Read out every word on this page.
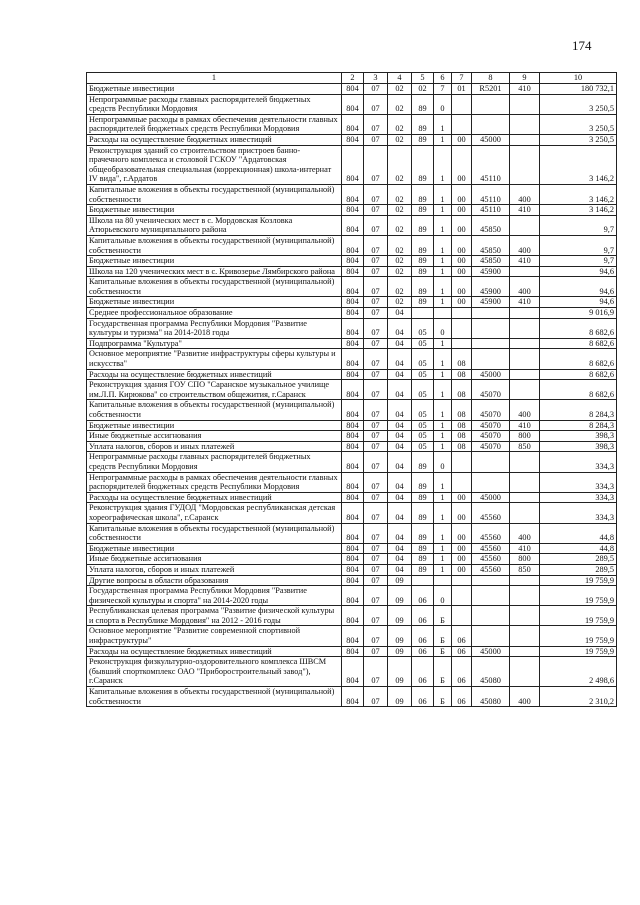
174
1	2	3	4	5	6	7	8	9	10
Бюджетные инвестиции	804	07	02	02	7	01	R5201	410	180 732,1
Непрограммные расходы главных распорядителей бюджетных средств Республики Мордовия	804	07	02	89	0				3 250,5
Непрограммные расходы в рамках обеспечения деятельности главных распорядителей бюджетных средств Республики Мордовия	804	07	02	89	1				3 250,5
Расходы на осуществление бюджетных инвестиций	804	07	02	89	1	00	45000		3 250,5
Реконструкция зданий со строительством пристроев банно-прачечного комплекса и столовой ГСКОУ "Ардатовская общеобразовательная специальная (коррекционная) школа-интернат IV вида", г.Ардатов	804	07	02	89	1	00	45110		3 146,2
Капитальные вложения в объекты государственной (муниципальной) собственности	804	07	02	89	1	00	45110	400	3 146,2
Бюджетные инвестиции	804	07	02	89	1	00	45110	410	3 146,2
Школа на 80 ученических мест в с. Мордовская Козловка Атюрьевского муниципального района	804	07	02	89	1	00	45850		9,7
Капитальные вложения в объекты государственной (муниципальной) собственности	804	07	02	89	1	00	45850	400	9,7
Бюджетные инвестиции	804	07	02	89	1	00	45850	410	9,7
Школа на 120 ученических мест в с. Кривозерье Лямбирского района	804	07	02	89	1	00	45900		94,6
Капитальные вложения в объекты государственной (муниципальной) собственности	804	07	02	89	1	00	45900	400	94,6
Бюджетные инвестиции	804	07	02	89	1	00	45900	410	94,6
Среднее профессиональное образование	804	07	04						9 016,9
Государственная программа Республики Мордовия "Развитие культуры и туризма" на 2014-2018 годы	804	07	04	05	0				8 682,6
Подпрограмма "Культура"	804	07	04	05	1				8 682,6
Основное мероприятие "Развитие инфраструктуры сферы культуры и искусства"	804	07	04	05	1	08			8 682,6
Расходы на осуществление бюджетных инвестиций	804	07	04	05	1	08	45000		8 682,6
Реконструкция здания ГОУ СПО "Саранское музыкальное училище им.Л.П. Кирюкова" со строительством общежития, г.Саранск	804	07	04	05	1	08	45070		8 682,6
Капитальные вложения в объекты государственной (муниципальной) собственности	804	07	04	05	1	08	45070	400	8 284,3
Бюджетные инвестиции	804	07	04	05	1	08	45070	410	8 284,3
Иные бюджетные ассигнования	804	07	04	05	1	08	45070	800	398,3
Уплата налогов, сборов и иных платежей	804	07	04	05	1	08	45070	850	398,3
Непрограммные расходы главных распорядителей бюджетных средств Республики Мордовия	804	07	04	89	0				334,3
Непрограммные расходы в рамках обеспечения деятельности главных распорядителей бюджетных средств Республики Мордовия	804	07	04	89	1				334,3
Расходы на осуществление бюджетных инвестиций	804	07	04	89	1	00	45000		334,3
Реконструкция здания ГУДОД "Мордовская республиканская детская хореографическая школа", г.Саранск	804	07	04	89	1	00	45560		334,3
Капитальные вложения в объекты государственной (муниципальной) собственности	804	07	04	89	1	00	45560	400	44,8
Бюджетные инвестиции	804	07	04	89	1	00	45560	410	44,8
Иные бюджетные ассигнования	804	07	04	89	1	00	45560	800	289,5
Уплата налогов, сборов и иных платежей	804	07	04	89	1	00	45560	850	289,5
Другие вопросы в области образования	804	07	09						19 759,9
Государственная программа Республики Мордовия "Развитие физической культуры и спорта" на 2014-2020 годы	804	07	09	06	0				19 759,9
Республиканская целевая программа "Развитие физической культуры и спорта в Республике Мордовия" на 2012 - 2016 годы	804	07	09	06	Б				19 759,9
Основное мероприятие "Развитие современной спортивной инфраструктуры"	804	07	09	06	Б	06			19 759,9
Расходы на осуществление бюджетных инвестиций	804	07	09	06	Б	06	45000		19 759,9
Реконструкция физкультурно-оздоровительного комплекса ШВСМ (бывший спорткомплекс ОАО "Приборостроительный завод"), г.Саранск	804	07	09	06	Б	06	45080		2 498,6
Капитальные вложения в объекты государственной (муниципальной) собственности	804	07	09	06	Б	06	45080	400	2 310,2
